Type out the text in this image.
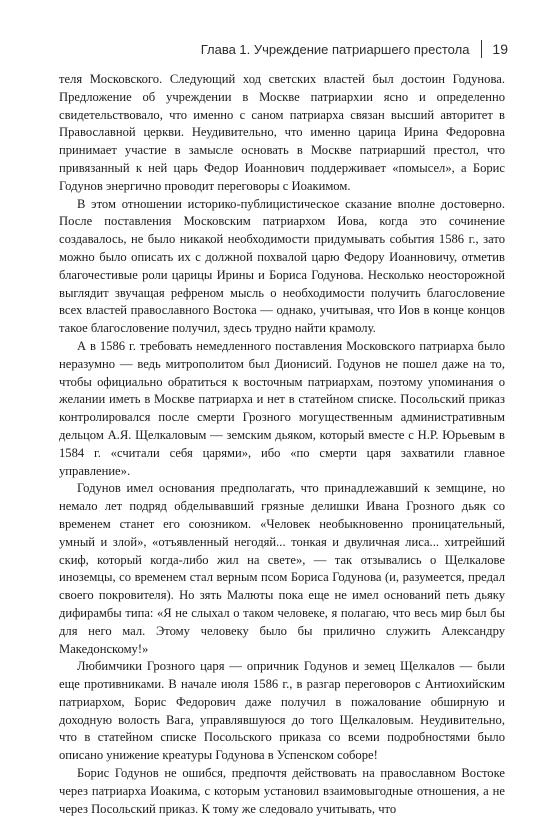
Глава 1. Учреждение патриаршего престола 19

теля Московского. Следующий ход светских властей был достоин Годунова. Предложение об учреждении в Москве патриархии ясно и определенно свидетельствовало, что именно с саном патриарха связан высший авторитет в Православной церкви. Неудивительно, что именно царица Ирина Федоровна принимает участие в замысле основать в Москве патриарший престол, что привязанный к ней царь Федор Иоаннович поддерживает «помысел», а Борис Годунов энергично проводит переговоры с Иоакимом.

В этом отношении историко-публицистическое сказание вполне достоверно. После поставления Московским патриархом Иова, когда это сочинение создавалось, не было никакой необходимости придумывать события 1586 г., зато можно было описать их с должной похвалой царю Федору Иоанновичу, отметив благочестивые роли царицы Ирины и Бориса Годунова. Несколько неосторожной выглядит звучащая рефреном мысль о необходимости получить благословение всех властей православного Востока — однако, учитывая, что Иов в конце концов такое благословение получил, здесь трудно найти крамолу.

А в 1586 г. требовать немедленного поставления Московского патриарха было неразумно — ведь митрополитом был Дионисий. Годунов не пошел даже на то, чтобы официально обратиться к восточным патриархам, поэтому упоминания о желании иметь в Москве патриарха и нет в статейном списке. Посольский приказ контролировался после смерти Грозного могущественным административным дельцом А.Я. Щелкаловым — земским дьяком, который вместе с Н.Р. Юрьевым в 1584 г. «считали себя царями», ибо «по смерти царя захватили главное управление».

Годунов имел основания предполагать, что принадлежавший к земщине, но немало лет подряд обделывавший грязные делишки Ивана Грозного дьяк со временем станет его союзником. «Человек необыкновенно проницательный, умный и злой», «отъявленный негодяй... тонкая и двуличная лиса... хитрейший скиф, который когда-либо жил на свете», — так отзывались о Щелкалове иноземцы, со временем стал верным псом Бориса Годунова (и, разумеется, предал своего покровителя). Но зять Малюты пока еще не имел оснований петь дьяку дифирамбы типа: «Я не слыхал о таком человеке, я полагаю, что весь мир был бы для него мал. Этому человеку было бы прилично служить Александру Македонскому!»

Любимчики Грозного царя — опричник Годунов и земец Щелкалов — были еще противниками. В начале июля 1586 г., в разгар переговоров с Антиохийским патриархом, Борис Федорович даже получил в пожалование обширную и доходную волость Вага, управлявшуюся до того Щелкаловым. Неудивительно, что в статейном списке Посольского приказа со всеми подробностями было описано унижение креатуры Годунова в Успенском соборе!

Борис Годунов не ошибся, предпочтя действовать на православном Востоке через патриарха Иоакима, с которым установил взаимовыгодные отношения, а не через Посольский приказ. К тому же следовало учитывать, что
